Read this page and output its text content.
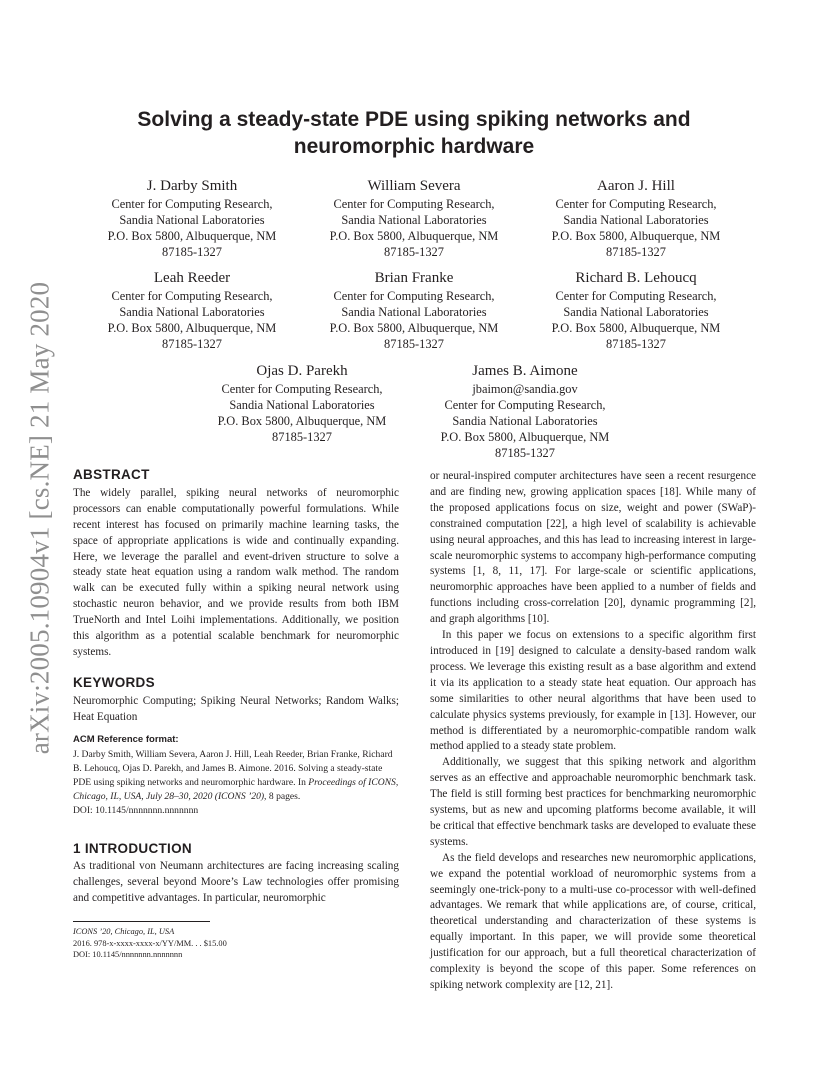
arXiv:2005.10904v1 [cs.NE] 21 May 2020
Solving a steady-state PDE using spiking networks and
neuromorphic hardware
J. Darby Smith
Center for Computing Research,
Sandia National Laboratories
P.O. Box 5800, Albuquerque, NM
87185-1327
William Severa
Center for Computing Research,
Sandia National Laboratories
P.O. Box 5800, Albuquerque, NM
87185-1327
Aaron J. Hill
Center for Computing Research,
Sandia National Laboratories
P.O. Box 5800, Albuquerque, NM
87185-1327
Leah Reeder
Center for Computing Research,
Sandia National Laboratories
P.O. Box 5800, Albuquerque, NM
87185-1327
Brian Franke
Center for Computing Research,
Sandia National Laboratories
P.O. Box 5800, Albuquerque, NM
87185-1327
Richard B. Lehoucq
Center for Computing Research,
Sandia National Laboratories
P.O. Box 5800, Albuquerque, NM
87185-1327
Ojas D. Parekh
Center for Computing Research,
Sandia National Laboratories
P.O. Box 5800, Albuquerque, NM
87185-1327
James B. Aimone
jbaimon@sandia.gov
Center for Computing Research,
Sandia National Laboratories
P.O. Box 5800, Albuquerque, NM
87185-1327
ABSTRACT

The widely parallel, spiking neural networks of neuromorphic processors can enable computationally powerful formulations. While recent interest has focused on primarily machine learning tasks, the space of appropriate applications is wide and continually expanding. Here, we leverage the parallel and event-driven structure to solve a steady state heat equation using a random walk method. The random walk can be executed fully within a spiking neural network using stochastic neuron behavior, and we provide results from both IBM TrueNorth and Intel Loihi implementations. Additionally, we position this algorithm as a potential scalable benchmark for neuromorphic systems.

KEYWORDS

Neuromorphic Computing; Spiking Neural Networks; Random Walks; Heat Equation

ACM Reference format:
J. Darby Smith, William Severa, Aaron J. Hill, Leah Reeder, Brian Franke, Richard B. Lehoucq, Ojas D. Parekh, and James B. Aimone. 2016. Solving a steady-state PDE using spiking networks and neuromorphic hardware. In Proceedings of ICONS, Chicago, IL, USA, July 28–30, 2020 (ICONS ’20), 8 pages.
DOI: 10.1145/nnnnnnn.nnnnnnn
1 INTRODUCTION

As traditional von Neumann architectures are facing increasing scaling challenges, several beyond Moore’s Law technologies offer promising and competitive advantages. In particular, neuromorphic

ICONS ’20, Chicago, IL, USA
2016. 978-x-xxxx-xxxx-x/YY/MM. . . $15.00
DOI: 10.1145/nnnnnnn.nnnnnnn

or neural-inspired computer architectures have seen a recent resurgence and are finding new, growing application spaces [18]. While many of the proposed applications focus on size, weight and power (SWaP)-constrained computation [22], a high level of scalability is achievable using neural approaches, and this has lead to increasing interest in large-scale neuromorphic systems to accompany high-performance computing systems [1, 8, 11, 17]. For large-scale or scientific applications, neuromorphic approaches have been applied to a number of fields and functions including cross-correlation [20], dynamic programming [2], and graph algorithms [10].

In this paper we focus on extensions to a specific algorithm first introduced in [19] designed to calculate a density-based random walk process. We leverage this existing result as a base algorithm and extend it via its application to a steady state heat equation. Our approach has some similarities to other neural algorithms that have been used to calculate physics systems previously, for example in [13]. However, our method is differentiated by a neuromorphic-compatible random walk method applied to a steady state problem.

Additionally, we suggest that this spiking network and algorithm serves as an effective and approachable neuromorphic benchmark task. The field is still forming best practices for benchmarking neuromorphic systems, but as new and upcoming platforms become available, it will be critical that effective benchmark tasks are developed to evaluate these systems.

As the field develops and researches new neuromorphic applications, we expand the potential workload of neuromorphic systems from a seemingly one-trick-pony to a multi-use co-processor with well-defined advantages. We remark that while applications are, of course, critical, theoretical understanding and characterization of these systems is equally important. In this paper, we will provide some theoretical justification for our approach, but a full theoretical characterization of complexity is beyond the scope of this paper. Some references on spiking network complexity are [12, 21].
